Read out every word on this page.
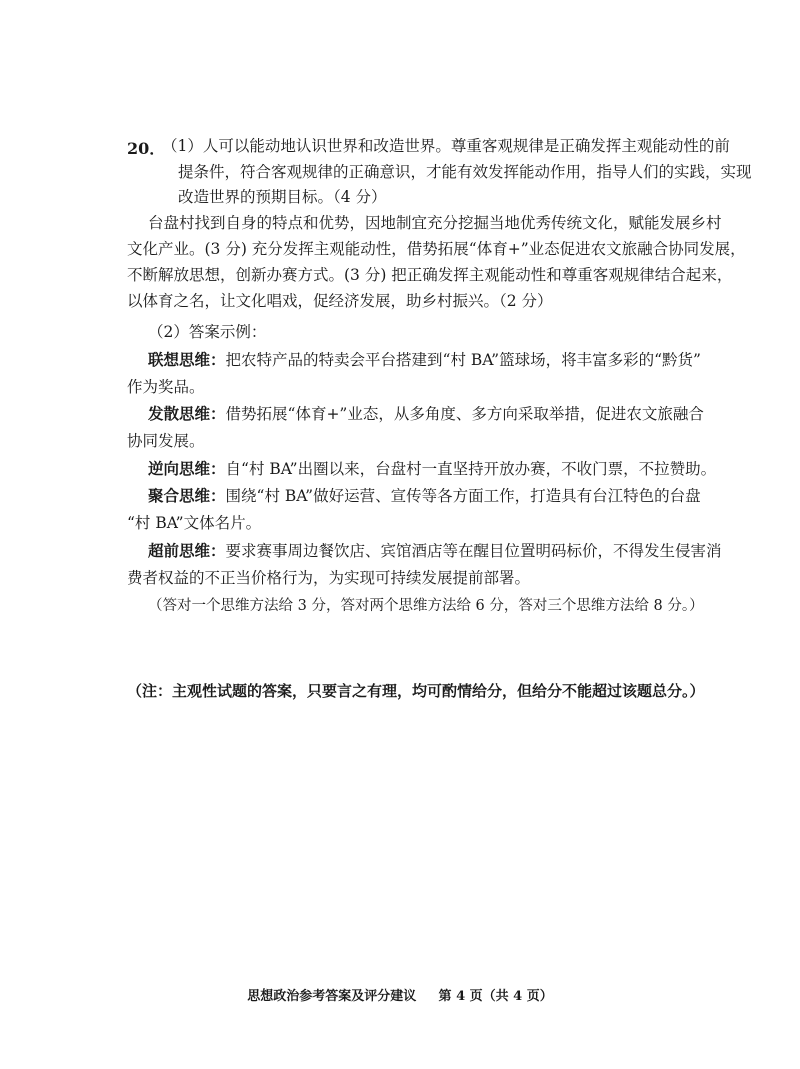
20．
（1）人可以能动地认识世界和改造世界。尊重客观规律是正确发挥主观能动性的前
提条件，符合客观规律的正确意识，才能有效发挥能动作用，指导人们的实践，实现
改造世界的预期目标。（4 分）
台盘村找到自身的特点和优势，因地制宜充分挖掘当地优秀传统文化，赋能发展乡村
文化产业。(3 分) 充分发挥主观能动性，借势拓展“体育+”业态促进农文旅融合协同发展，
不断解放思想，创新办赛方式。(3 分) 把正确发挥主观能动性和尊重客观规律结合起来，
以体育之名，让文化唱戏，促经济发展，助乡村振兴。（2 分）
（2）答案示例：
联想思维：把农特产品的特卖会平台搭建到“村 BA”篮球场，将丰富多彩的“黔货”
作为奖品。
发散思维：借势拓展“体育+”业态，从多角度、多方向采取举措，促进农文旅融合
协同发展。
逆向思维：自“村 BA”出圈以来，台盘村一直坚持开放办赛，不收门票，不拉赞助。
聚合思维：围绕“村 BA”做好运营、宣传等各方面工作，打造具有台江特色的台盘
“村 BA”文体名片。
超前思维：要求赛事周边餐饮店、宾馆酒店等在醒目位置明码标价，不得发生侵害消
费者权益的不正当价格行为，为实现可持续发展提前部署。
（答对一个思维方法给 3 分，答对两个思维方法给 6 分，答对三个思维方法给 8 分。）
（注：主观性试题的答案，只要言之有理，均可酌情给分，但给分不能超过该题总分。）
思想政治参考答案及评分建议 第 4 页（共 4 页）
